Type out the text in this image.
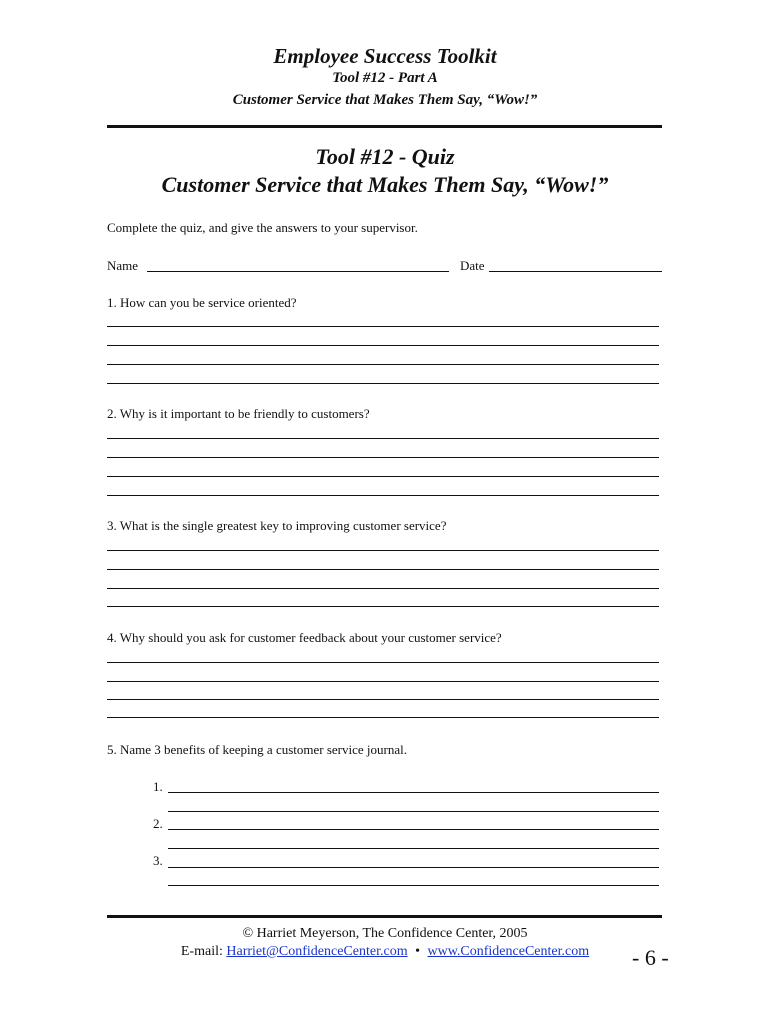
Employee Success Toolkit
Tool #12 - Part A
Customer Service that Makes Them Say, “Wow!”
Tool #12 - Quiz
Customer Service that Makes Them Say, “Wow!”
Complete the quiz, and give the answers to your supervisor.
Name	Date
1. How can you be service oriented?
2. Why is it important to be friendly to customers?
3. What is the single greatest key to improving customer service?
4. Why should you ask for customer feedback about your customer service?
5. Name 3 benefits of keeping a customer service journal.
1.
2.
3.
© Harriet Meyerson, The Confidence Center, 2005
E-mail: Harriet@ConfidenceCenter.com • www.ConfidenceCenter.com	- 6 -
